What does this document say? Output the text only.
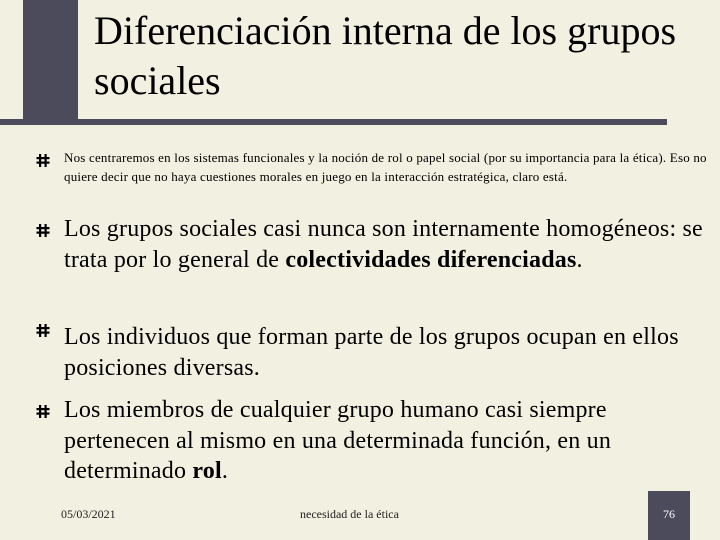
Diferenciación interna de los grupos sociales
Nos centraremos en los sistemas funcionales y la noción de rol o papel social (por su importancia para la ética). Eso no quiere decir que no haya cuestiones morales en juego en la interacción estratégica, claro está.
Los grupos sociales casi nunca son internamente homogéneos: se trata por lo general de colectividades diferenciadas.
Los individuos que forman parte de los grupos ocupan en ellos posiciones diversas.
Los miembros de cualquier grupo humano casi siempre pertenecen al mismo en una determinada función, en un determinado rol.
05/03/2021	necesidad de la ética	76
